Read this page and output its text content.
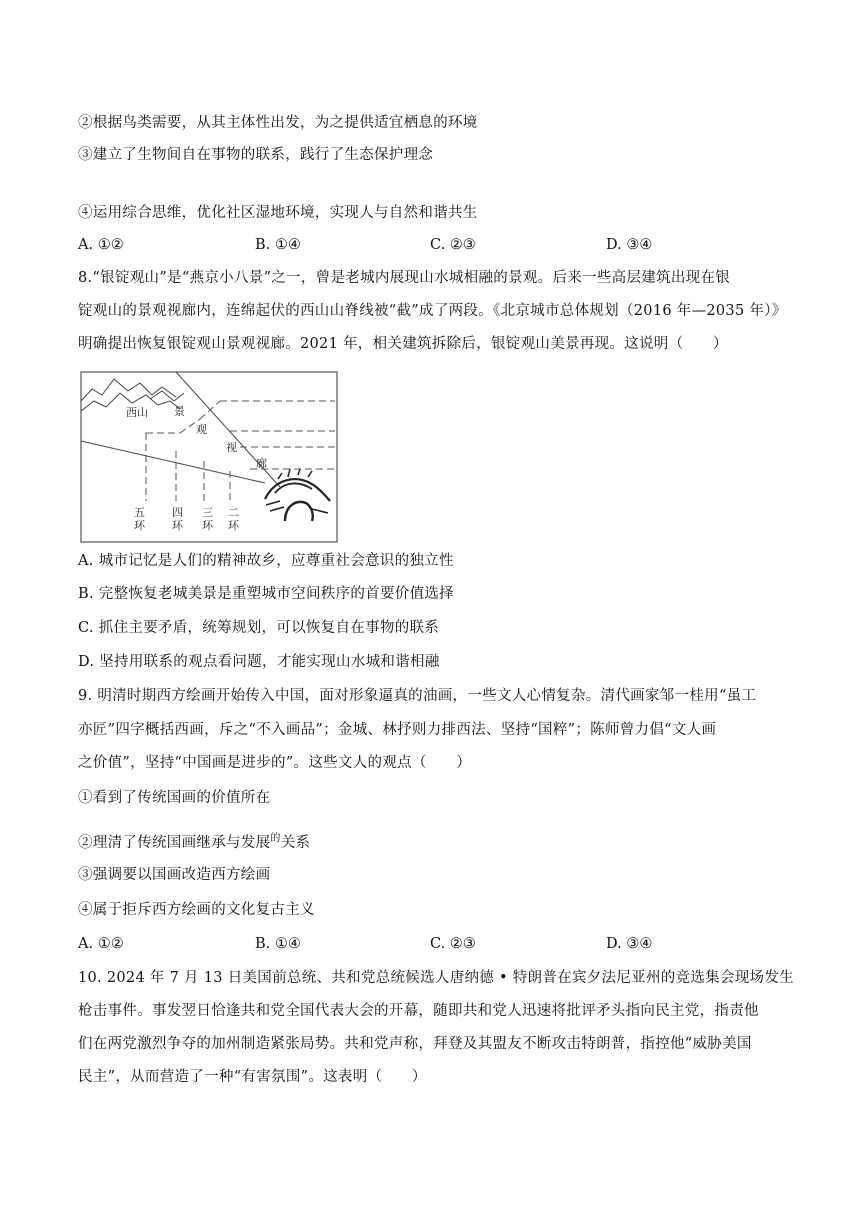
②根据鸟类需要，从其主体性出发，为之提供适宜栖息的环境
③建立了生物间自在事物的联系，践行了生态保护理念
④运用综合思维，优化社区湿地环境，实现人与自然和谐共生
A. ①②	B. ①④	C. ②③	D. ③④
8.“银锭观山”是“燕京小八景”之一，曾是老城内展现山水城相融的景观。后来一些高层建筑出现在银
锭观山的景观视廊内，连绵起伏的西山山脊线被“截”成了两段。《北京城市总体规划（2016 年—2035 年）》
明确提出恢复银锭观山景观视廊。2021 年，相关建筑拆除后，银锭观山美景再现。这说明（　　）
西山 景
观
视
廊
五
环
四
环
三
环
二
环
A. 城市记忆是人们的精神故乡，应尊重社会意识的独立性
B. 完整恢复老城美景是重塑城市空间秩序的首要价值选择
C. 抓住主要矛盾，统筹规划，可以恢复自在事物的联系
D. 坚持用联系的观点看问题，才能实现山水城和谐相融
9. 明清时期西方绘画开始传入中国，面对形象逼真的油画，一些文人心情复杂。清代画家邹一桂用“虽工
亦匠”四字概括西画，斥之“不入画品”；金城、林抒则力排西法、坚持“国粹”；陈师曾力倡“文人画
之价值”，坚持“中国画是进步的”。这些文人的观点（　　）
①看到了传统国画的价值所在
②理清了传统国画继承与发展$^的$关系
③强调要以国画改造西方绘画
④属于拒斥西方绘画的文化复古主义
A. ①②	B. ①④	C. ②③	D. ③④
10. 2024 年 7 月 13 日美国前总统、共和党总统候选人唐纳德 • 特朗普在宾夕法尼亚州的竞选集会现场发生
枪击事件。事发翌日恰逢共和党全国代表大会的开幕，随即共和党人迅速将批评矛头指向民主党，指责他
们在两党激烈争夺的加州制造紧张局势。共和党声称，拜登及其盟友不断攻击特朗普，指控他“威胁美国
民主”，从而营造了一种“有害氛围”。这表明（　　）
